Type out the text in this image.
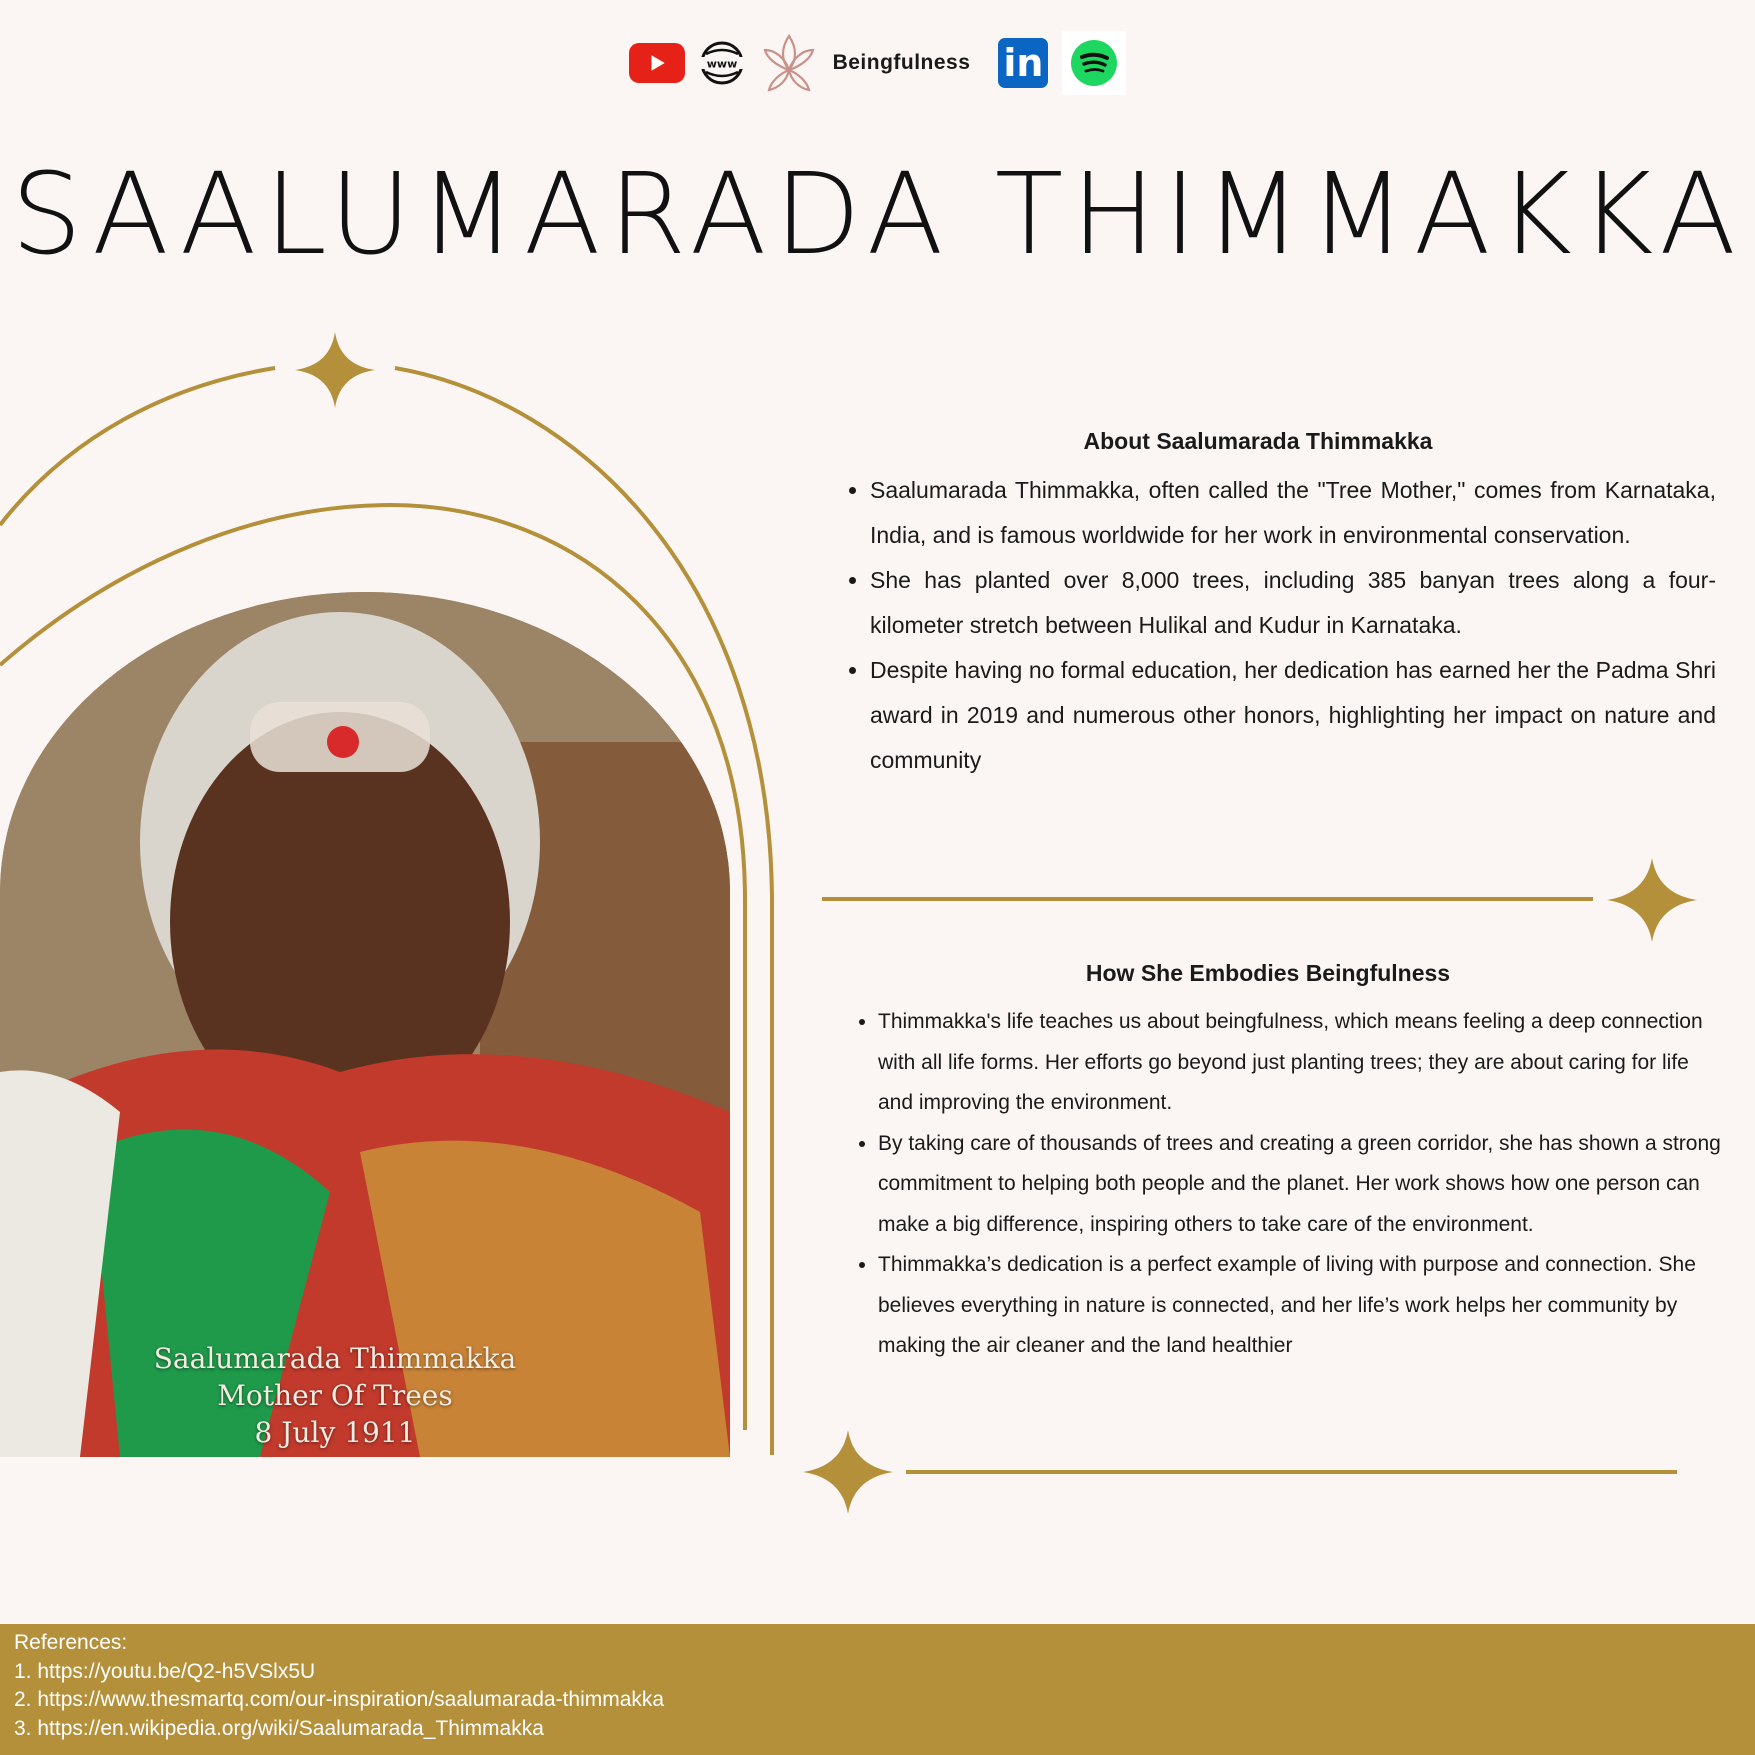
www	Beingfulness in
SAALUMARADA THIMMAKKA
Saalumarada Thimmakka
Mother Of Trees
8 July 1911
About Saalumarada Thimmakka
• Saalumarada Thimmakka, often called the "Tree Mother," comes from Karnataka, India, and is famous worldwide for her work in environmental conservation.
• She has planted over 8,000 trees, including 385 banyan trees along a four-kilometer stretch between Hulikal and Kudur in Karnataka.
• Despite having no formal education, her dedication has earned her the Padma Shri award in 2019 and numerous other honors, highlighting her impact on nature and community
How She Embodies Beingfulness
• Thimmakka's life teaches us about beingfulness, which means feeling a deep connection with all life forms. Her efforts go beyond just planting trees; they are about caring for life and improving the environment.
• By taking care of thousands of trees and creating a green corridor, she has shown a strong commitment to helping both people and the planet. Her work shows how one person can make a big difference, inspiring others to take care of the environment.
• Thimmakka’s dedication is a perfect example of living with purpose and connection. She believes everything in nature is connected, and her life’s work helps her community by making the air cleaner and the land healthier
References:
1. https://youtu.be/Q2-h5VSlx5U
2. https://www.thesmartq.com/our-inspiration/saalumarada-thimmakka
3. https://en.wikipedia.org/wiki/Saalumarada_Thimmakka
